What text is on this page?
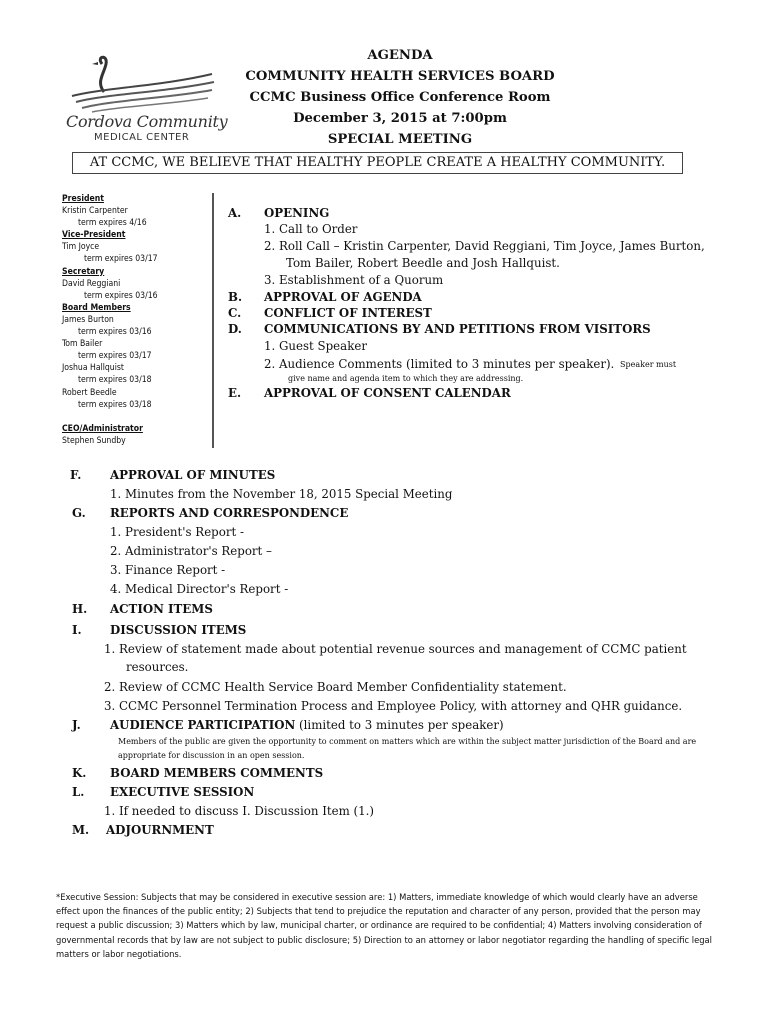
Cordova Community
MEDICAL CENTER
AGENDA
COMMUNITY HEALTH SERVICES BOARD
CCMC Business Office Conference Room
December 3, 2015 at 7:00pm
SPECIAL MEETING
AT CCMC, WE BELIEVE THAT HEALTHY PEOPLE CREATE A HEALTHY COMMUNITY.
President
Kristin Carpenter
term expires 4/16
Vice-President
Tim Joyce
term expires 03/17
Secretary
David Reggiani
term expires 03/16
Board Members
James Burton
term expires 03/16
Tom Bailer
term expires 03/17
Joshua Hallquist
term expires 03/18
Robert Beedle
term expires 03/18
CEO/Administrator
Stephen Sundby
A. OPENING
1. Call to Order
2. Roll Call – Kristin Carpenter, David Reggiani, Tim Joyce, James Burton,
Tom Bailer, Robert Beedle and Josh Hallquist.
3. Establishment of a Quorum
B. APPROVAL OF AGENDA
C. CONFLICT OF INTEREST
D. COMMUNICATIONS BY AND PETITIONS FROM VISITORS
1. Guest Speaker
2. Audience Comments (limited to 3 minutes per speaker). Speaker must
give name and agenda item to which they are addressing.
E. APPROVAL OF CONSENT CALENDAR
F. APPROVAL OF MINUTES
1. Minutes from the November 18, 2015 Special Meeting
G. REPORTS AND CORRESPONDENCE
1. President's Report -
2. Administrator's Report –
3. Finance Report -
4. Medical Director's Report -
H. ACTION ITEMS
I. DISCUSSION ITEMS
1. Review of statement made about potential revenue sources and management of CCMC patient
resources.
2. Review of CCMC Health Service Board Member Confidentiality statement.
3. CCMC Personnel Termination Process and Employee Policy, with attorney and QHR guidance.
J. AUDIENCE PARTICIPATION (limited to 3 minutes per speaker)
Members of the public are given the opportunity to comment on matters which are within the subject matter jurisdiction of the Board and are
appropriate for discussion in an open session.
K. BOARD MEMBERS COMMENTS
L. EXECUTIVE SESSION
1. If needed to discuss I. Discussion Item (1.)
M. ADJOURNMENT
*Executive Session: Subjects that may be considered in executive session are: 1) Matters, immediate knowledge of which would clearly have an adverse effect upon the finances of the public entity; 2) Subjects that tend to prejudice the reputation and character of any person, provided that the person may request a public discussion; 3) Matters which by law, municipal charter, or ordinance are required to be confidential; 4) Matters involving consideration of governmental records that by law are not subject to public disclosure; 5) Direction to an attorney or labor negotiator regarding the handling of specific legal matters or labor negotiations.
